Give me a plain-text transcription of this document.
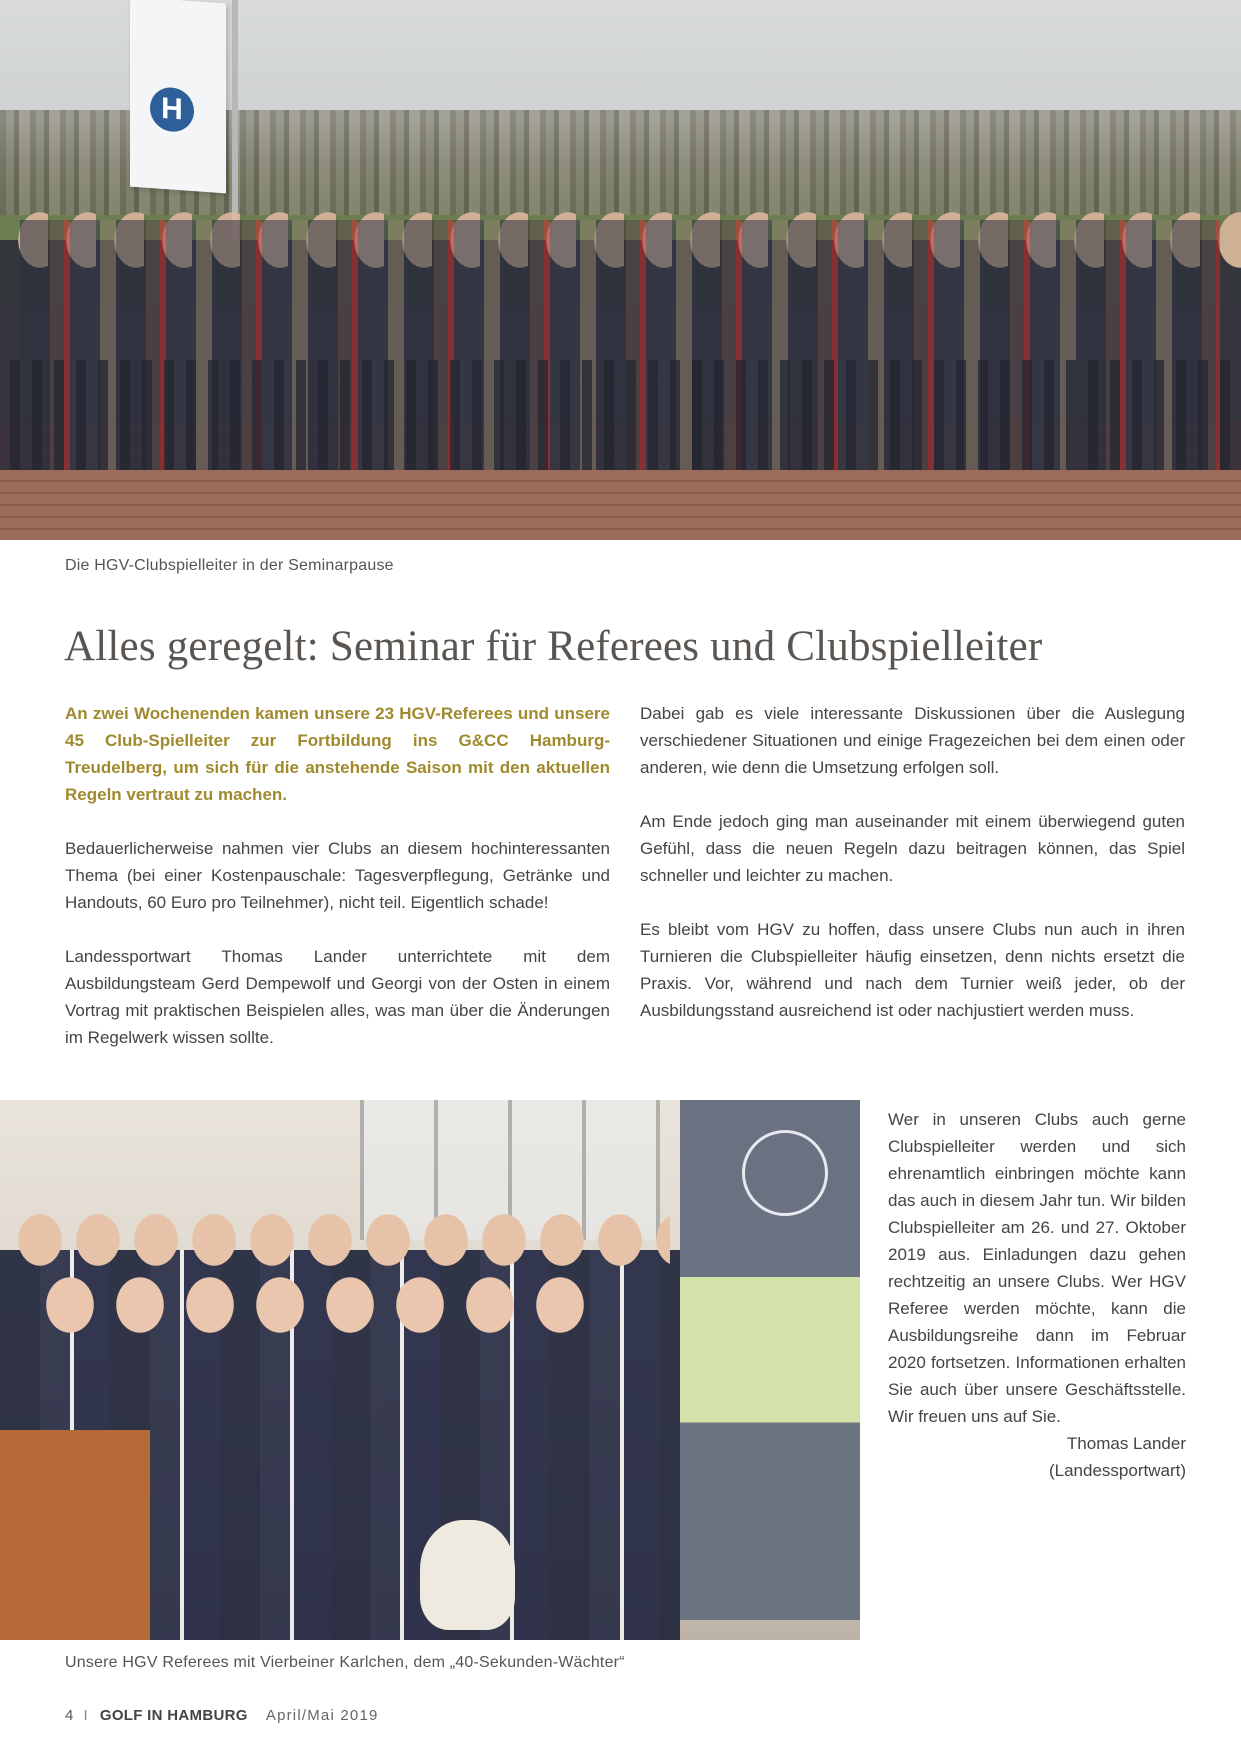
H
Die HGV-Clubspielleiter in der Seminarpause
Alles geregelt: Seminar für Referees und Clubspielleiter

An zwei Wochenenden kamen unsere 23 HGV-Referees und unsere 45 Club-Spielleiter zur Fortbildung ins G&CC Hamburg-Treudelberg, um sich für die anstehende Saison mit den aktuellen Regeln vertraut zu machen.

Bedauerlicherweise nahmen vier Clubs an diesem hochinteressanten Thema (bei einer Kostenpauschale: Tagesverpflegung, Getränke und Handouts, 60 Euro pro Teilnehmer), nicht teil. Eigentlich schade!

Landessportwart Thomas Lander unterrichtete mit dem Ausbildungsteam Gerd Dempewolf und Georgi von der Osten in einem Vortrag mit praktischen Beispielen alles, was man über die Änderungen im Regelwerk wissen sollte.

Dabei gab es viele interessante Diskussionen über die Auslegung verschiedener Situationen und einige Fragezeichen bei dem einen oder anderen, wie denn die Umsetzung erfolgen soll.

Am Ende jedoch ging man auseinander mit einem überwiegend guten Gefühl, dass die neuen Regeln dazu beitragen können, das Spiel schneller und leichter zu machen.

Es bleibt vom HGV zu hoffen, dass unsere Clubs nun auch in ihren Turnieren die Clubspielleiter häufig einsetzen, denn nichts ersetzt die Praxis. Vor, während und nach dem Turnier weiß jeder, ob der Ausbildungsstand ausreichend ist oder nachjustiert werden muss.

Wer in unseren Clubs auch gerne Clubspielleiter werden und sich ehrenamtlich einbringen möchte kann das auch in diesem Jahr tun. Wir bilden Clubspielleiter am 26. und 27. Oktober 2019 aus. Einladungen dazu gehen rechtzeitig an unsere Clubs. Wer HGV Referee werden möchte, kann die Ausbildungsreihe dann im Februar 2020 fortsetzen. Informationen erhalten Sie auch über unsere Geschäftsstelle. Wir freuen uns auf Sie.

Thomas Lander

(Landessportwart)

Unsere HGV Referees mit Vierbeiner Karlchen, dem „40-Sekunden-Wächter“
4 I GOLF IN HAMBURG April/Mai 2019
